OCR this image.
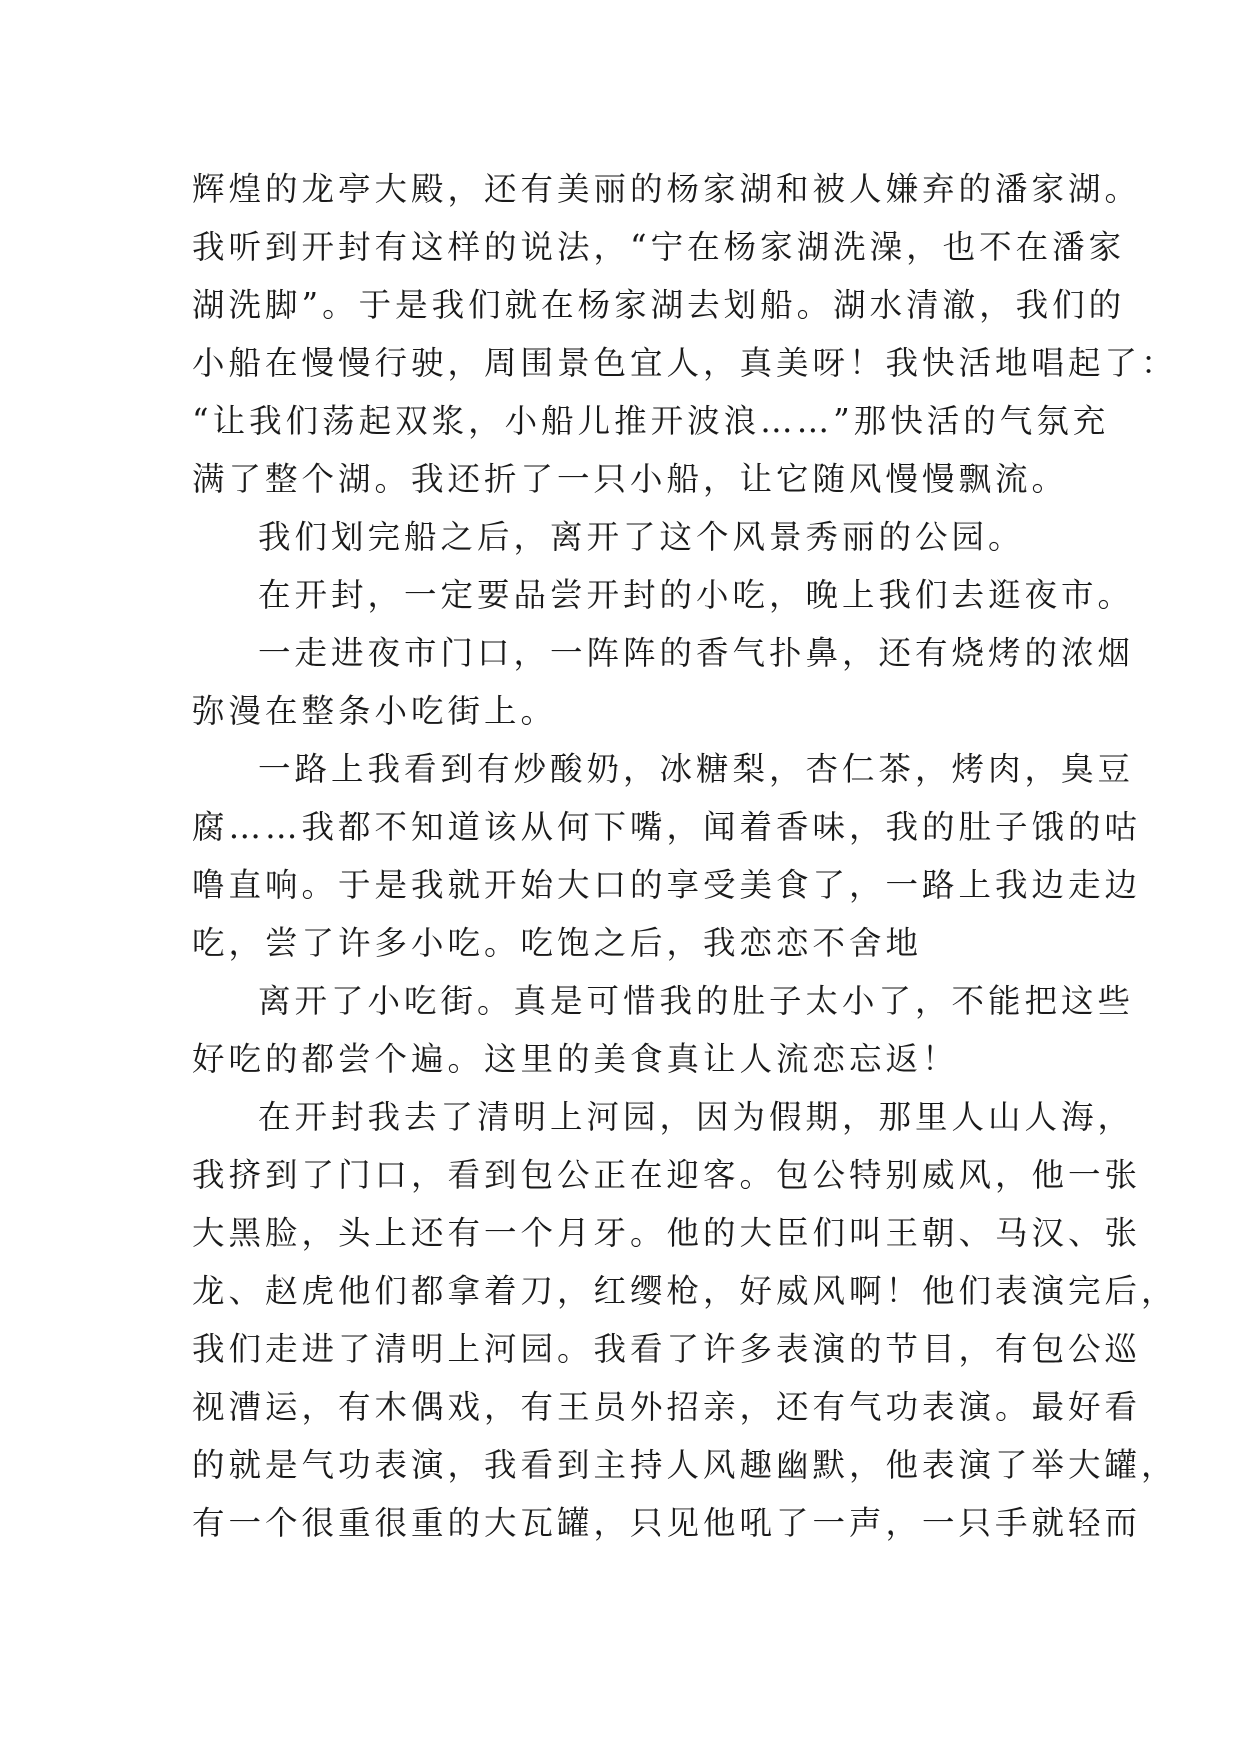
辉煌的龙亭大殿，还有美丽的杨家湖和被人嫌弃的潘家湖。

我听到开封有这样的说法，“宁在杨家湖洗澡，也不在潘家

湖洗脚”。于是我们就在杨家湖去划船。湖水清澈，我们的

小船在慢慢行驶，周围景色宜人，真美呀！我快活地唱起了：

“让我们荡起双浆，小船儿推开波浪……”那快活的气氛充

满了整个湖。我还折了一只小船，让它随风慢慢飘流。

我们划完船之后，离开了这个风景秀丽的公园。

在开封，一定要品尝开封的小吃，晚上我们去逛夜市。

一走进夜市门口，一阵阵的香气扑鼻，还有烧烤的浓烟

弥漫在整条小吃街上。

一路上我看到有炒酸奶，冰糖梨，杏仁茶，烤肉，臭豆

腐……我都不知道该从何下嘴，闻着香味，我的肚子饿的咕

噜直响。于是我就开始大口的享受美食了，一路上我边走边

吃，尝了许多小吃。吃饱之后，我恋恋不舍地

离开了小吃街。真是可惜我的肚子太小了，不能把这些

好吃的都尝个遍。这里的美食真让人流恋忘返！

在开封我去了清明上河园，因为假期，那里人山人海，

我挤到了门口，看到包公正在迎客。包公特别威风，他一张

大黑脸，头上还有一个月牙。他的大臣们叫王朝、马汉、张

龙、赵虎他们都拿着刀，红缨枪，好威风啊！他们表演完后，

我们走进了清明上河园。我看了许多表演的节目，有包公巡

视漕运，有木偶戏，有王员外招亲，还有气功表演。最好看

的就是气功表演，我看到主持人风趣幽默，他表演了举大罐，

有一个很重很重的大瓦罐，只见他吼了一声，一只手就轻而
